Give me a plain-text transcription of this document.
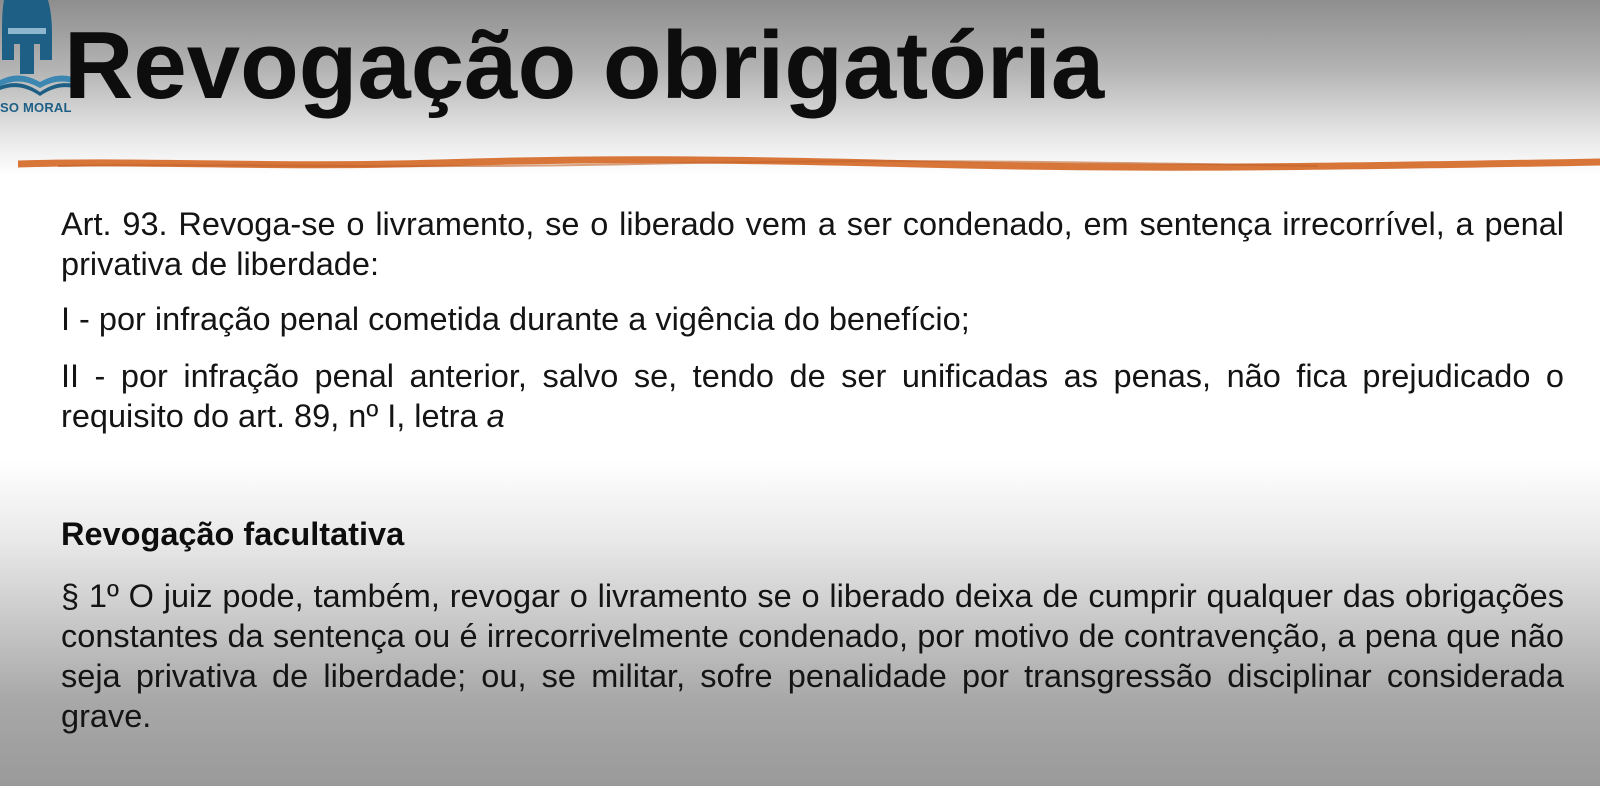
SO MORAL
Revogação obrigatória

Art. 93. Revoga-se o livramento, se o liberado vem a ser condenado, em sentença irrecorrível, a penal privativa de liberdade:

I - por infração penal cometida durante a vigência do benefício;

II - por infração penal anterior, salvo se, tendo de ser unificadas as penas, não fica prejudicado o requisito do art. 89, nº I, letra a

Revogação facultativa

§ 1º O juiz pode, também, revogar o livramento se o liberado deixa de cumprir qualquer das obrigações constantes da sentença ou é irrecorrivelmente condenado, por motivo de contravenção, a pena que não seja privativa de liberdade; ou, se militar, sofre penalidade por transgressão disciplinar considerada grave.
